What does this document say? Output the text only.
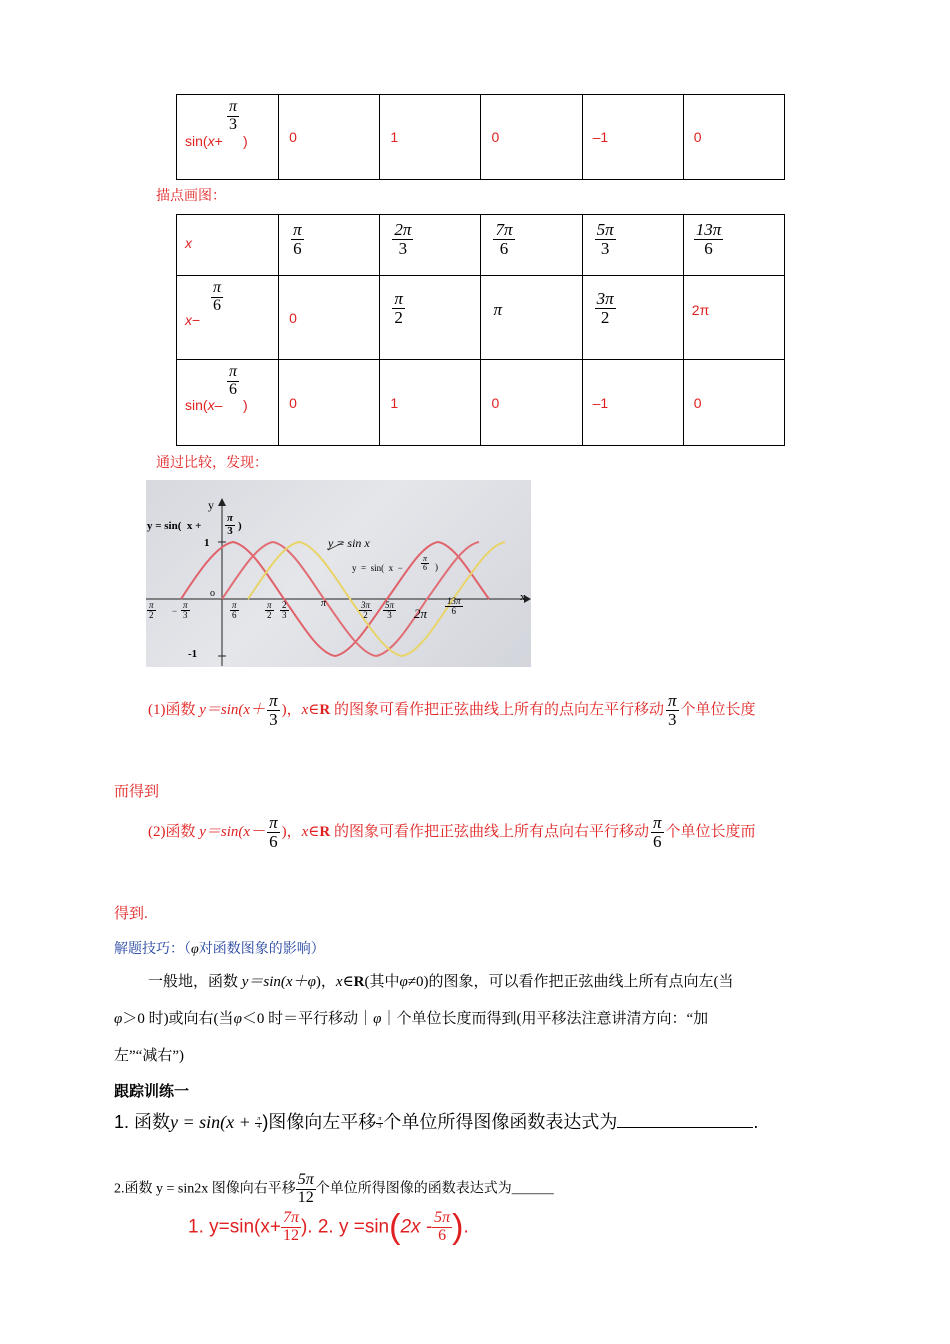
sin(x+
$\frac{\pi}{3}$
)	0	1	0	–1	0
描点画图：
x	$\frac{\pi}{6}$	$\frac{2\pi}{3}$	$\frac{7\pi}{6}$	$\frac{5\pi}{3}$	$\frac{13\pi}{6}$

x−
$\frac{\pi}{6}$	0	$\frac{\pi}{2}$	π	$\frac{3\pi}{2}$	2π

sin(x–
$\frac{\pi}{6}$
)	0	1	0	–1	0
通过比较，发现：
y
x
o
y = sin(  $x + \frac{\pi}{3}$ )
y = sin x
y  =  sin(  $x - \frac{\pi}{6}$ )
1
-1
$\frac{\pi}{2} - \frac{\pi}{3}$	$\frac{\pi}{6}$	$\frac{\pi}{2} \frac{2}{3}$	π	$\frac{3\pi}{2} \frac{5\pi}{3} 2\pi \frac{13\pi}{6}$
(1)函数 $y=\sin(x+ \frac{\pi}{3}$ )，x∈R 的图象可看作把正弦曲线上所有的点向左平行移动 $\frac{\pi}{3}$ 个单位长度
而得到
(2)函数 $y=\sin(x- \frac{\pi}{6}$ )，x∈R 的图象可看作把正弦曲线上所有点向右平行移动 $\frac{\pi}{6}$ 个单位长度而
得到.
解题技巧：（φ对函数图象的影响）
一般地，函数 y＝sin(x＋φ)，x∈R(其中φ≠0)的图象，可以看作把正弦曲线上所有点向左(当
φ＞0 时)或向右(当φ＜0 时＝平行移动｜φ｜个单位长度而得到(用平移法注意讲清方向：“加
左”“减右”)
跟踪训练一
1. 函数$y = \sin(x + \frac{\pi}{4}$ )图像向左平移 $\frac{\pi}{3}$ 个单位所得图像函数表达式为	.
2.函数 y = sin2x 图像向右平移 $\frac{5\pi}{12}$ 个单位所得图像的函数表达式为______
1. $y=\sin(x+ \frac{7\pi}{12}$ ). 2. $y =\sin(2x - \frac{5\pi}{6}$ ).
